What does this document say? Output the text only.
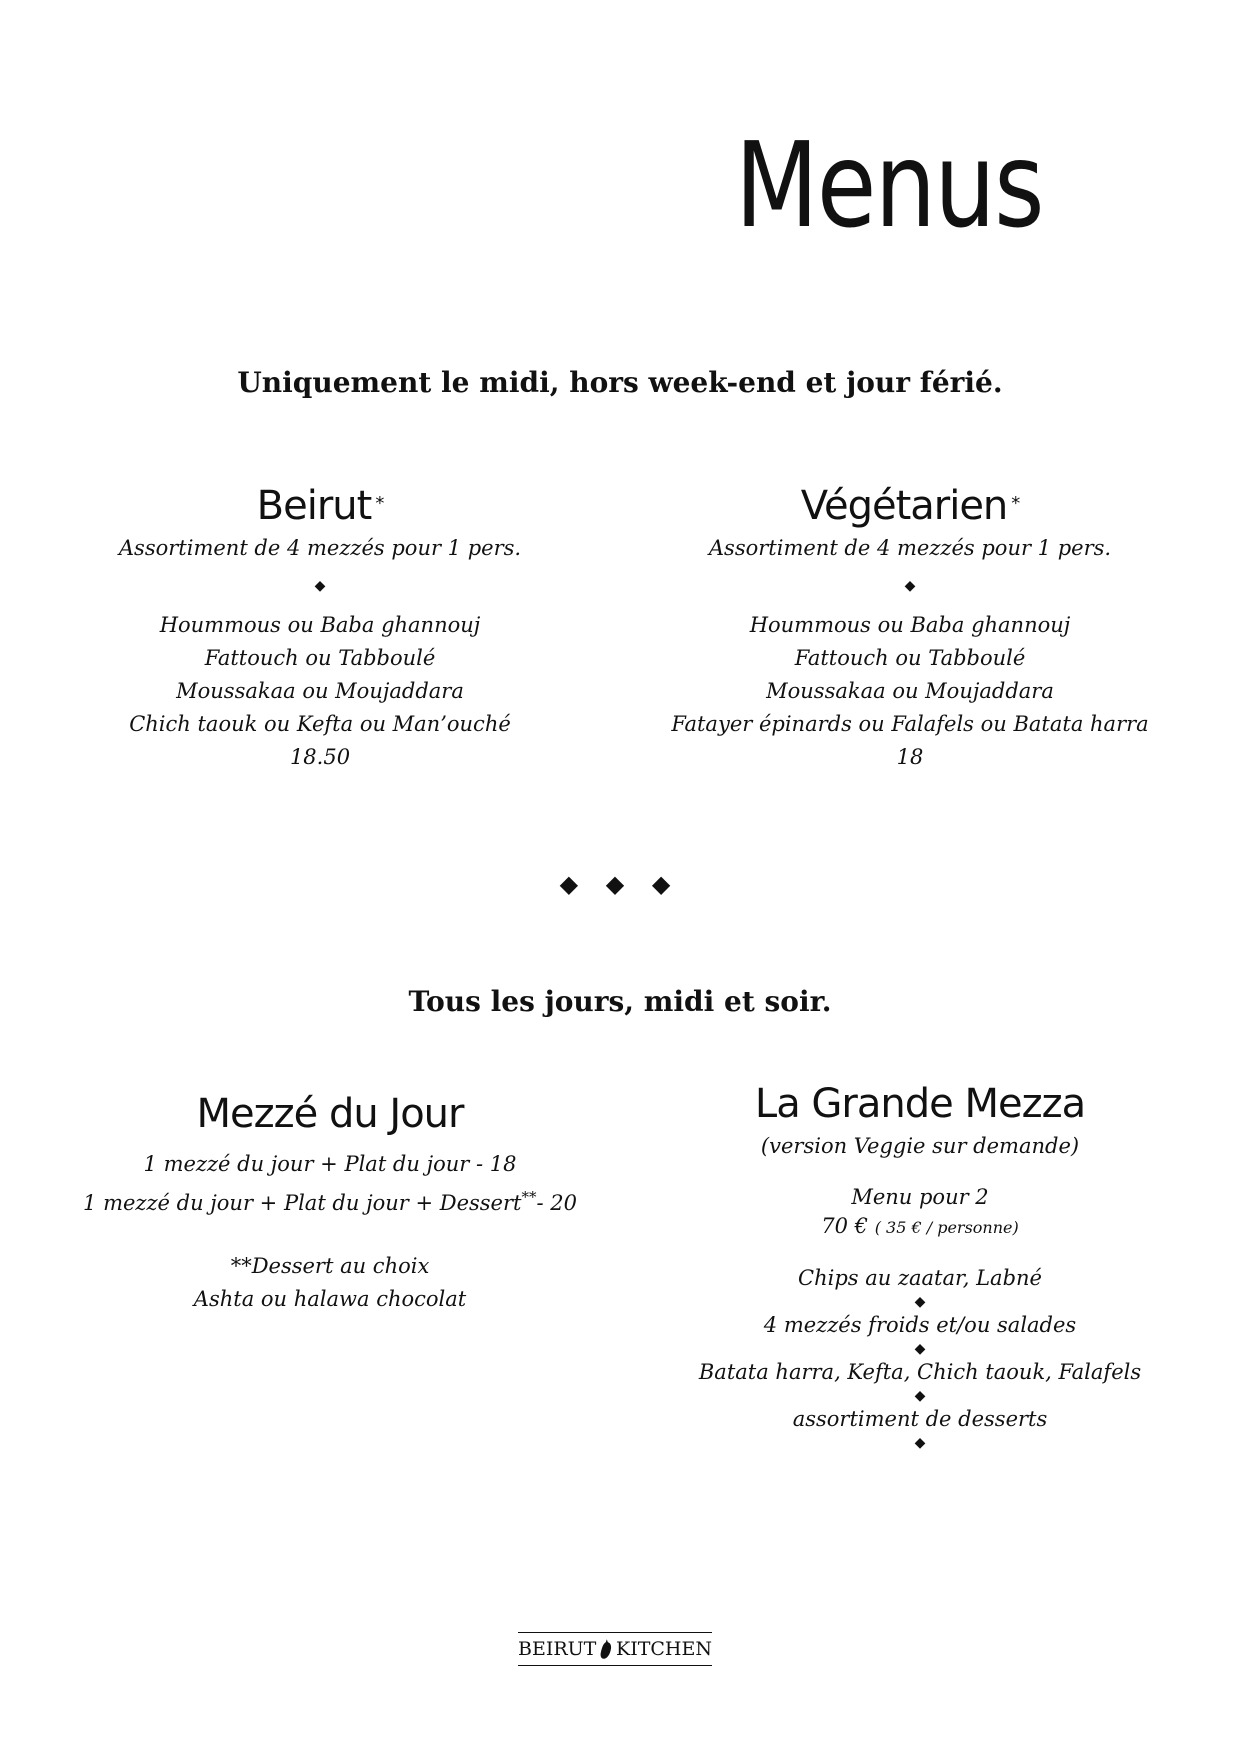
Menus
Uniquement le midi, hors week-end et jour férié.
Beirut *
Assortiment de 4 mezzés pour 1 pers.
◆
Hoummous ou Baba ghannouj
Fattouch ou Tabboulé
Moussakaa ou Moujaddara
Chich taouk ou Kefta ou Man’ouché
18.50
Végétarien *
Assortiment de 4 mezzés pour 1 pers.
◆
Hoummous ou Baba ghannouj
Fattouch ou Tabboulé
Moussakaa ou Moujaddara
Fatayer épinards ou Falafels ou Batata harra
18
◆ ◆ ◆
Tous les jours, midi et soir.
Mezzé du Jour
1 mezzé du jour + Plat du jour - 18
1 mezzé du jour + Plat du jour + Dessert**- 20
**Dessert au choix
Ashta ou halawa chocolat
La Grande Mezza
(version Veggie sur demande)
Menu pour 2
70 € ( 35 € / personne)
Chips au zaatar, Labné
◆
4 mezzés froids et/ou salades
◆
Batata harra, Kefta, Chich taouk, Falafels
◆
assortiment de desserts
◆
BEIRUT KITCHEN
